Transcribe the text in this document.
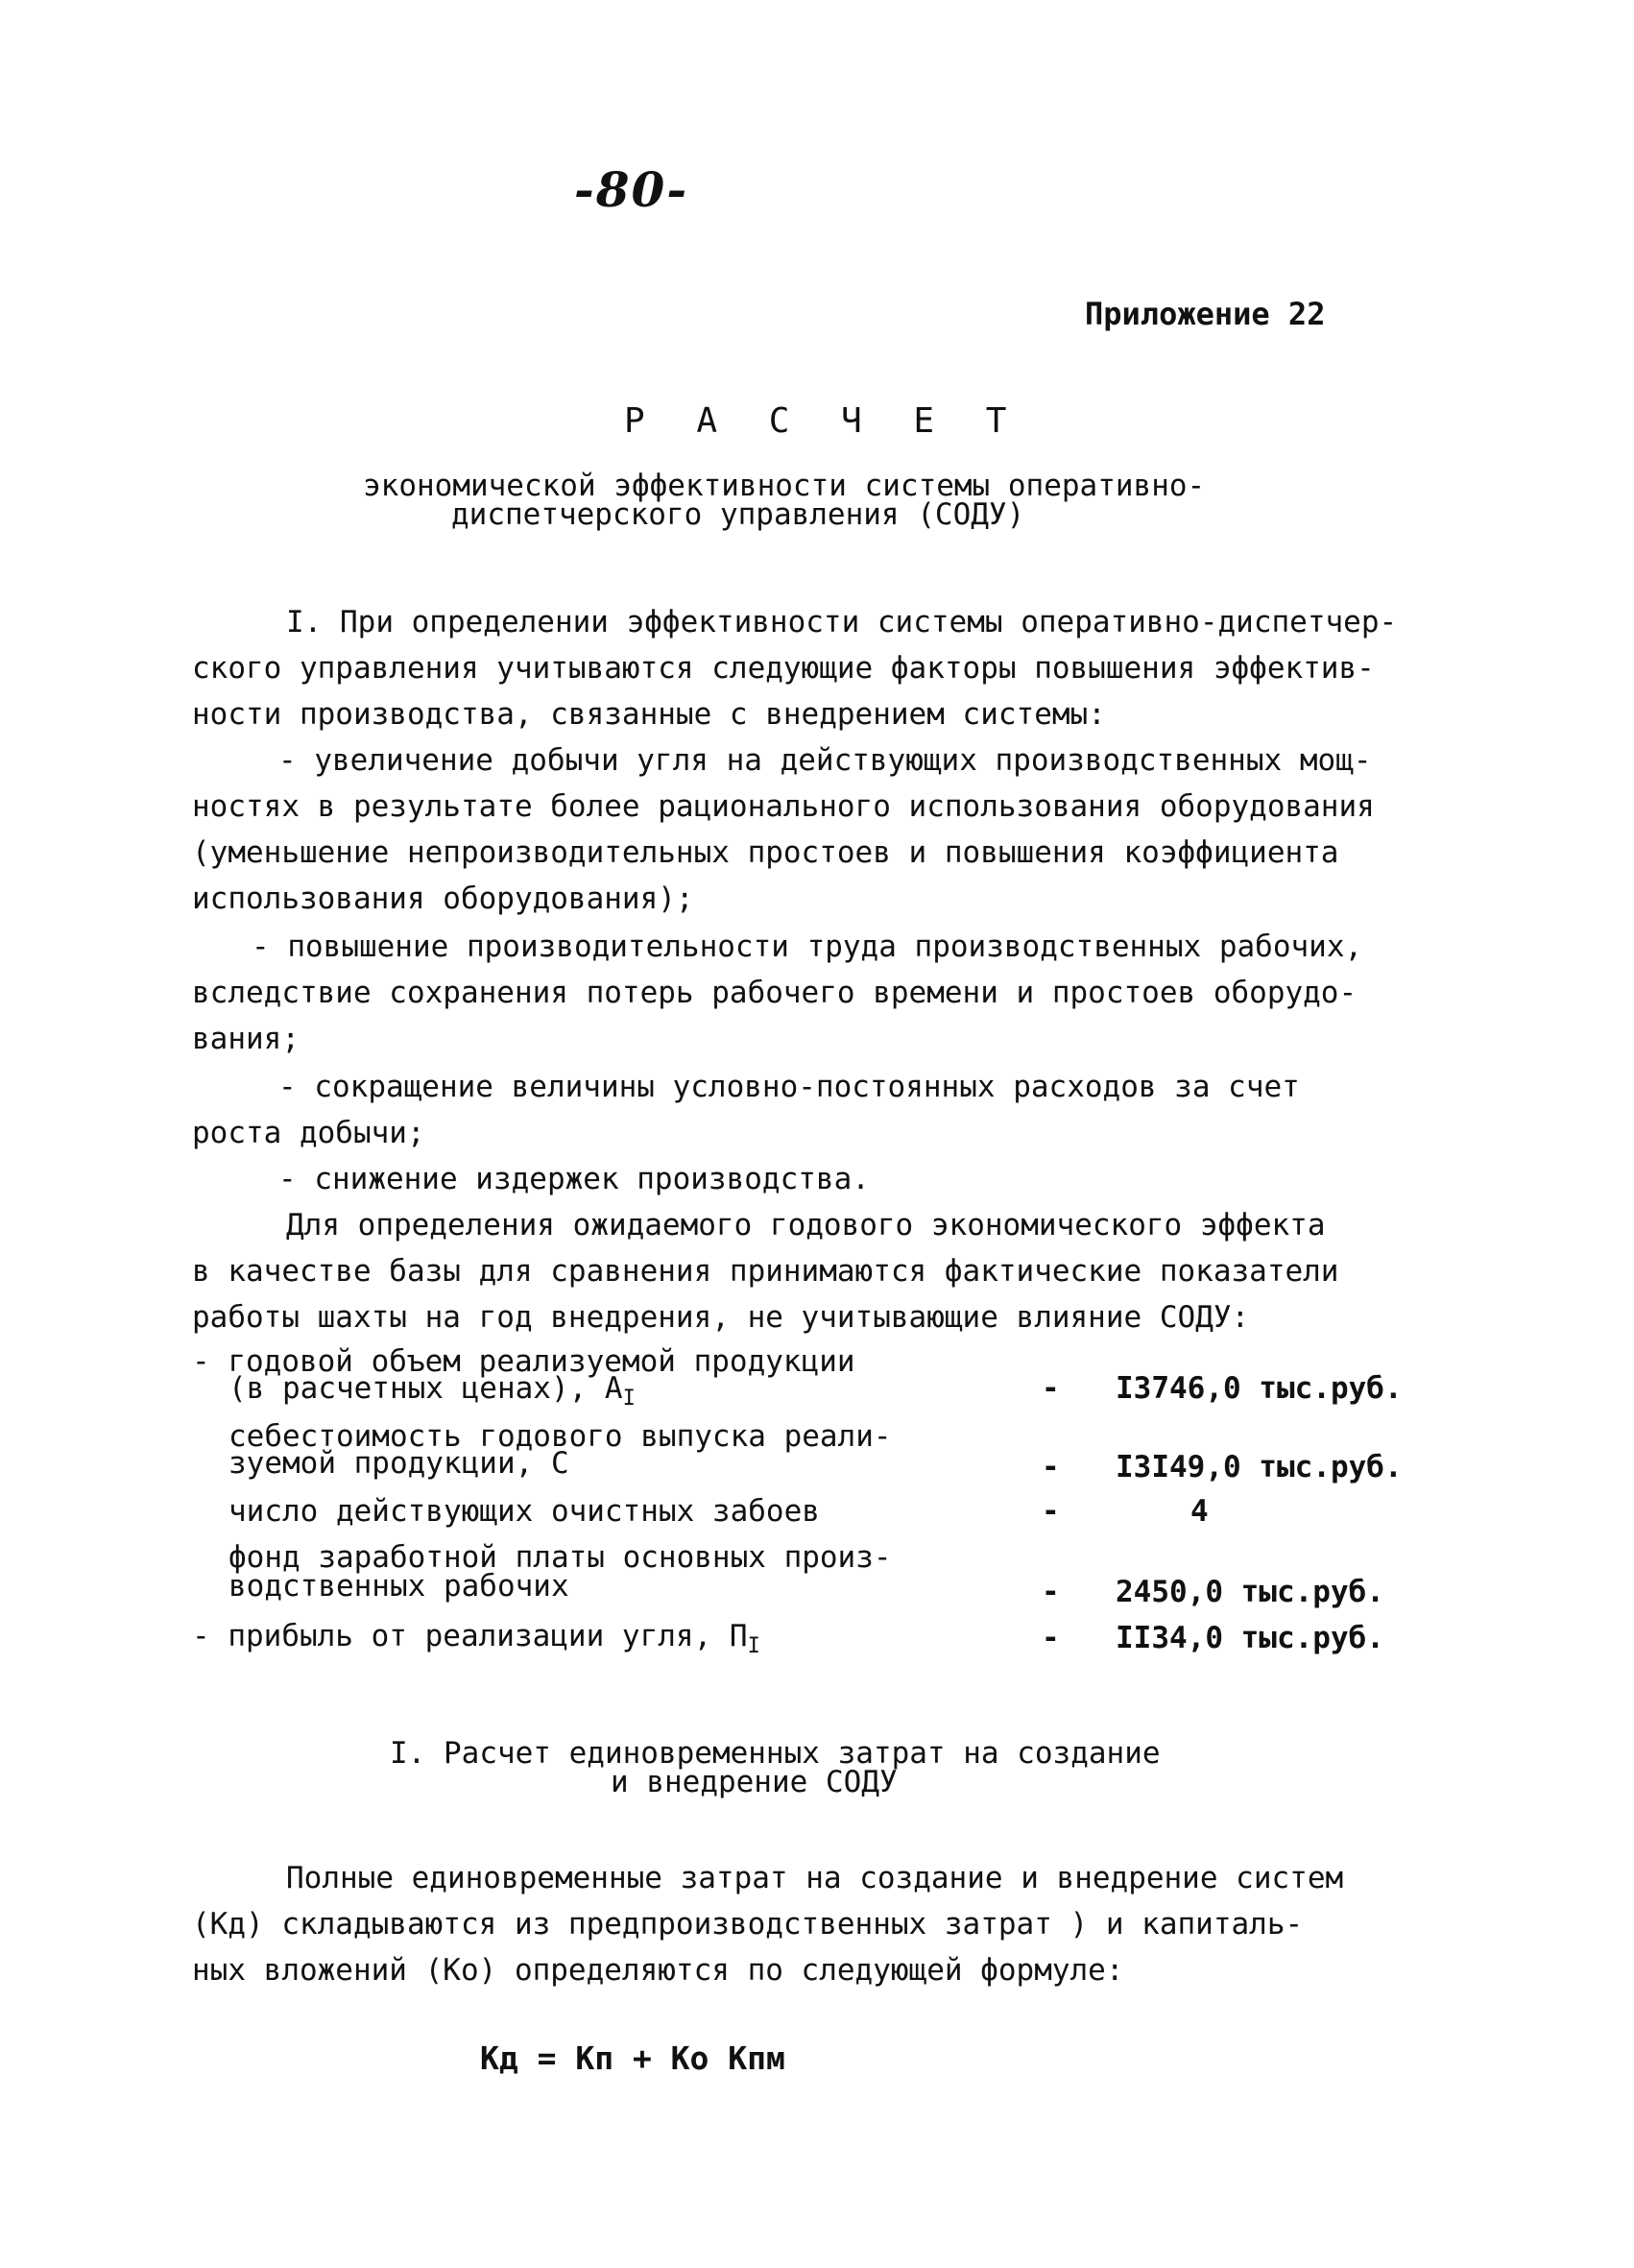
-80-
Приложение 22
Р А С Ч Е Т
экономической эффективности системы оперативно-
диспетчерского управления (СОДУ)
I. При определении эффективности системы оперативно-диспетчер-
ского управления учитываются следующие факторы повышения эффектив-
ности производства, связанные с внедрением системы:
- увеличение добычи угля на действующих производственных мощ-
ностях в результате более рационального использования оборудования
(уменьшение непроизводительных простоев и повышения коэффициента
использования оборудования);
- повышение производительности труда производственных рабочих,
вследствие сохранения потерь рабочего времени и простоев оборудо-
вания;
- сокращение величины условно-постоянных расходов за счет
роста добычи;
- снижение издержек производства.
Для определения ожидаемого годового экономического эффекта
в качестве базы для сравнения принимаются фактические показатели
работы шахты на год внедрения, не учитывающие влияние СОДУ:
- годовой объем реализуемой продукции
(в расчетных ценах), $А_I$	- I3746,0 тыс.руб.
себестоимость годового выпуска реали-
зуемой продукции, С	- I3I49,0 тыс.руб.
число действующих очистных забоев	-	4
фонд заработной платы основных произ-
водственных рабочих	- 2450,0 тыс.руб.
- прибыль от реализации угля, $П_I$	- II34,0 тыс.руб.
I. Расчет единовременных затрат на создание
и внедрение СОДУ
Полные единовременные затрат на создание и внедрение систем
(Кд) складываются из предпроизводственных затрат ) и капиталь-
ных вложений (Ко) определяются по следующей формуле:
Кд = Кп + Ко Кпм
